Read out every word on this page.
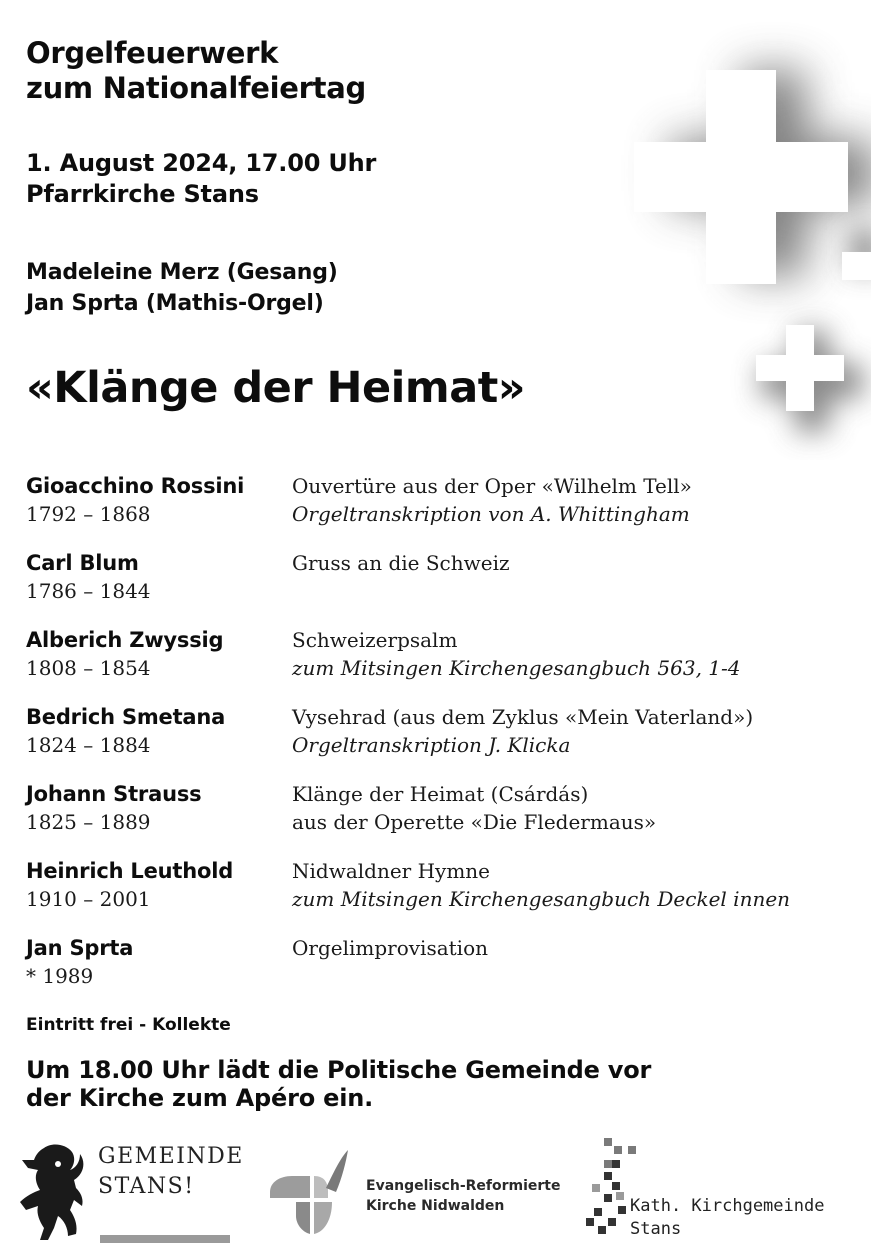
Orgelfeuerwerk
zum Nationalfeiertag
1. August 2024, 17.00 Uhr
Pfarrkirche Stans
Madeleine Merz (Gesang)
Jan Sprta (Mathis-Orgel)
«Klänge der Heimat»
Gioacchino Rossini
1792 – 1868
Ouvertüre aus der Oper «Wilhelm Tell»
Orgeltranskription von A. Whittingham
Carl Blum
1786 – 1844
Gruss an die Schweiz
Alberich Zwyssig
1808 – 1854
Schweizerpsalm
zum Mitsingen Kirchengesangbuch 563, 1-4
Bedrich Smetana
1824 – 1884
Vysehrad (aus dem Zyklus «Mein Vaterland»)
Orgeltranskription J. Klicka
Johann Strauss
1825 – 1889
Klänge der Heimat (Csárdás)
aus der Operette «Die Fledermaus»
Heinrich Leuthold
1910 – 2001
Nidwaldner Hymne
zum Mitsingen Kirchengesangbuch Deckel innen
Jan Sprta
* 1989
Orgelimprovisation
Eintritt frei - Kollekte
Um 18.00 Uhr lädt die Politische Gemeinde vor
der Kirche zum Apéro ein.
GEMEINDE
STANS!	Evangelisch-Reformierte
Kirche Nidwalden	Kath. Kirchgemeinde
Stans
